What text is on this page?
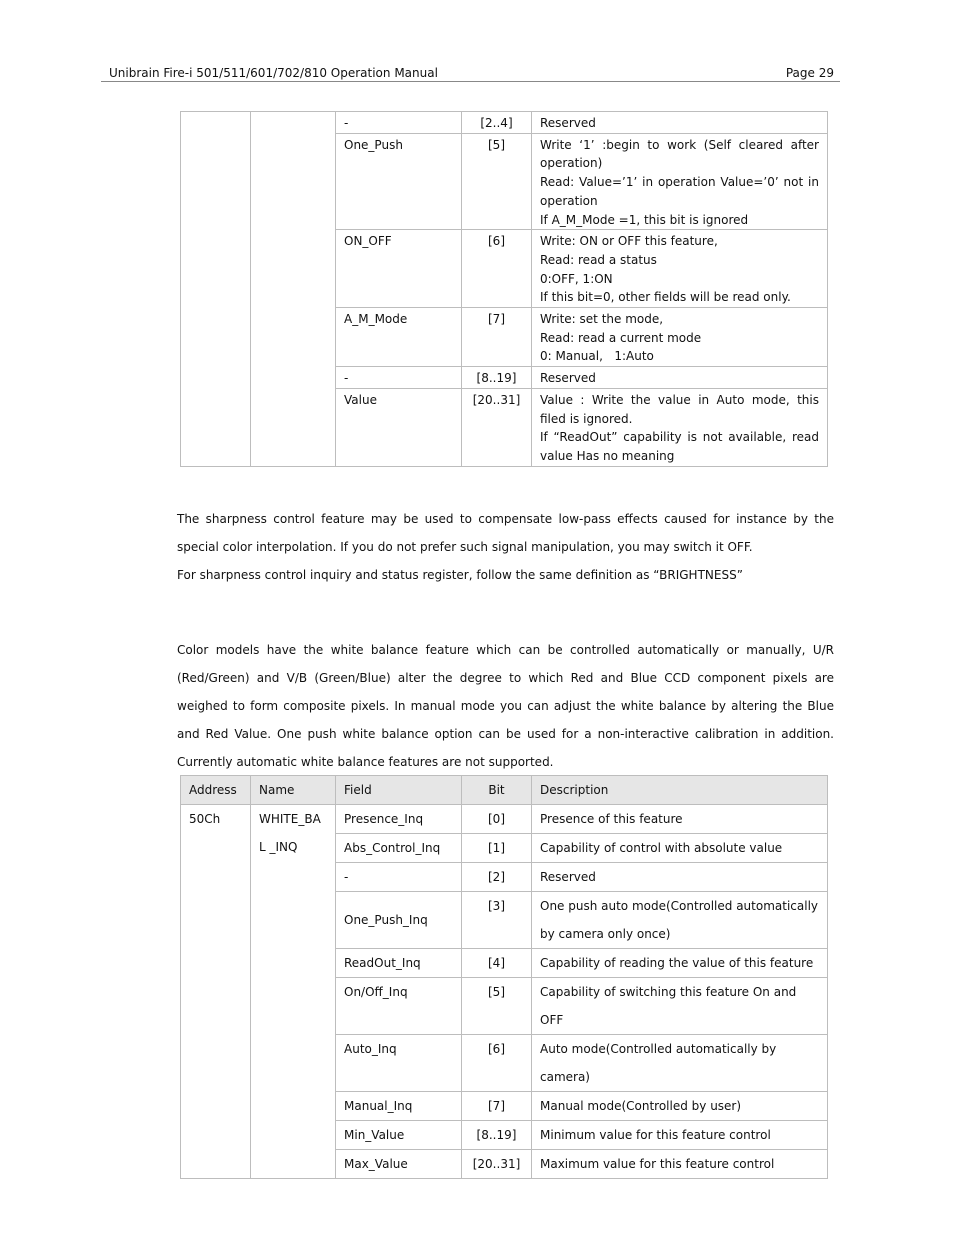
Unibrain Fire-i 501/511/601/702/810 Operation Manual	Page 29
		-	[2..4]	Reserved

		One_Push	[5]	Write ‘1’ :begin to work (Self cleared after operation)

Read: Value=’1’ in operation Value=’0’ not in operation

If A_M_Mode =1, this bit is ignored

		ON_OFF	[6]	Write: ON or OFF this feature,

Read: read a status

0:OFF, 1:ON

If this bit=0, other fields will be read only.

		A_M_Mode	[7]	Write: set the mode,

Read: read a current mode

0: Manual,   1:Auto

		-	[8..19]	Reserved

		Value	[20..31]	Value : Write the value in Auto mode, this filed is ignored.

If “ReadOut” capability is not available, read value Has no meaning

The sharpness control feature may be used to compensate low-pass effects caused for instance by the special color interpolation. If you do not prefer such signal manipulation, you may switch it OFF.

For sharpness control inquiry and status register, follow the same definition as “BRIGHTNESS”

Color models have the white balance feature which can be controlled automatically or manually, U/R (Red/Green) and V/B (Green/Blue) alter the degree to which Red and Blue CCD component pixels are weighed to form composite pixels. In manual mode you can adjust the white balance by altering the Blue and Red Value. One push white balance option can be used for a non-interactive calibration in addition. Currently automatic white balance features are not supported.

Address	Name	Field	Bit	Description
50Ch	WHITE_BAL _INQ	Presence_Inq	[0]	Presence of this feature
		Abs_Control_Inq	[1]	Capability of control with absolute value
		-	[2]	Reserved
		One_Push_Inq	[3]	One push auto mode(Controlled automatically by camera only once)
		ReadOut_Inq	[4]	Capability of reading the value of this feature
		On/Off_Inq	[5]	Capability of switching this feature On and OFF
		Auto_Inq	[6]	Auto mode(Controlled automatically by camera)
		Manual_Inq	[7]	Manual mode(Controlled by user)
		Min_Value	[8..19]	Minimum value for this feature control
		Max_Value	[20..31]	Maximum value for this feature control
